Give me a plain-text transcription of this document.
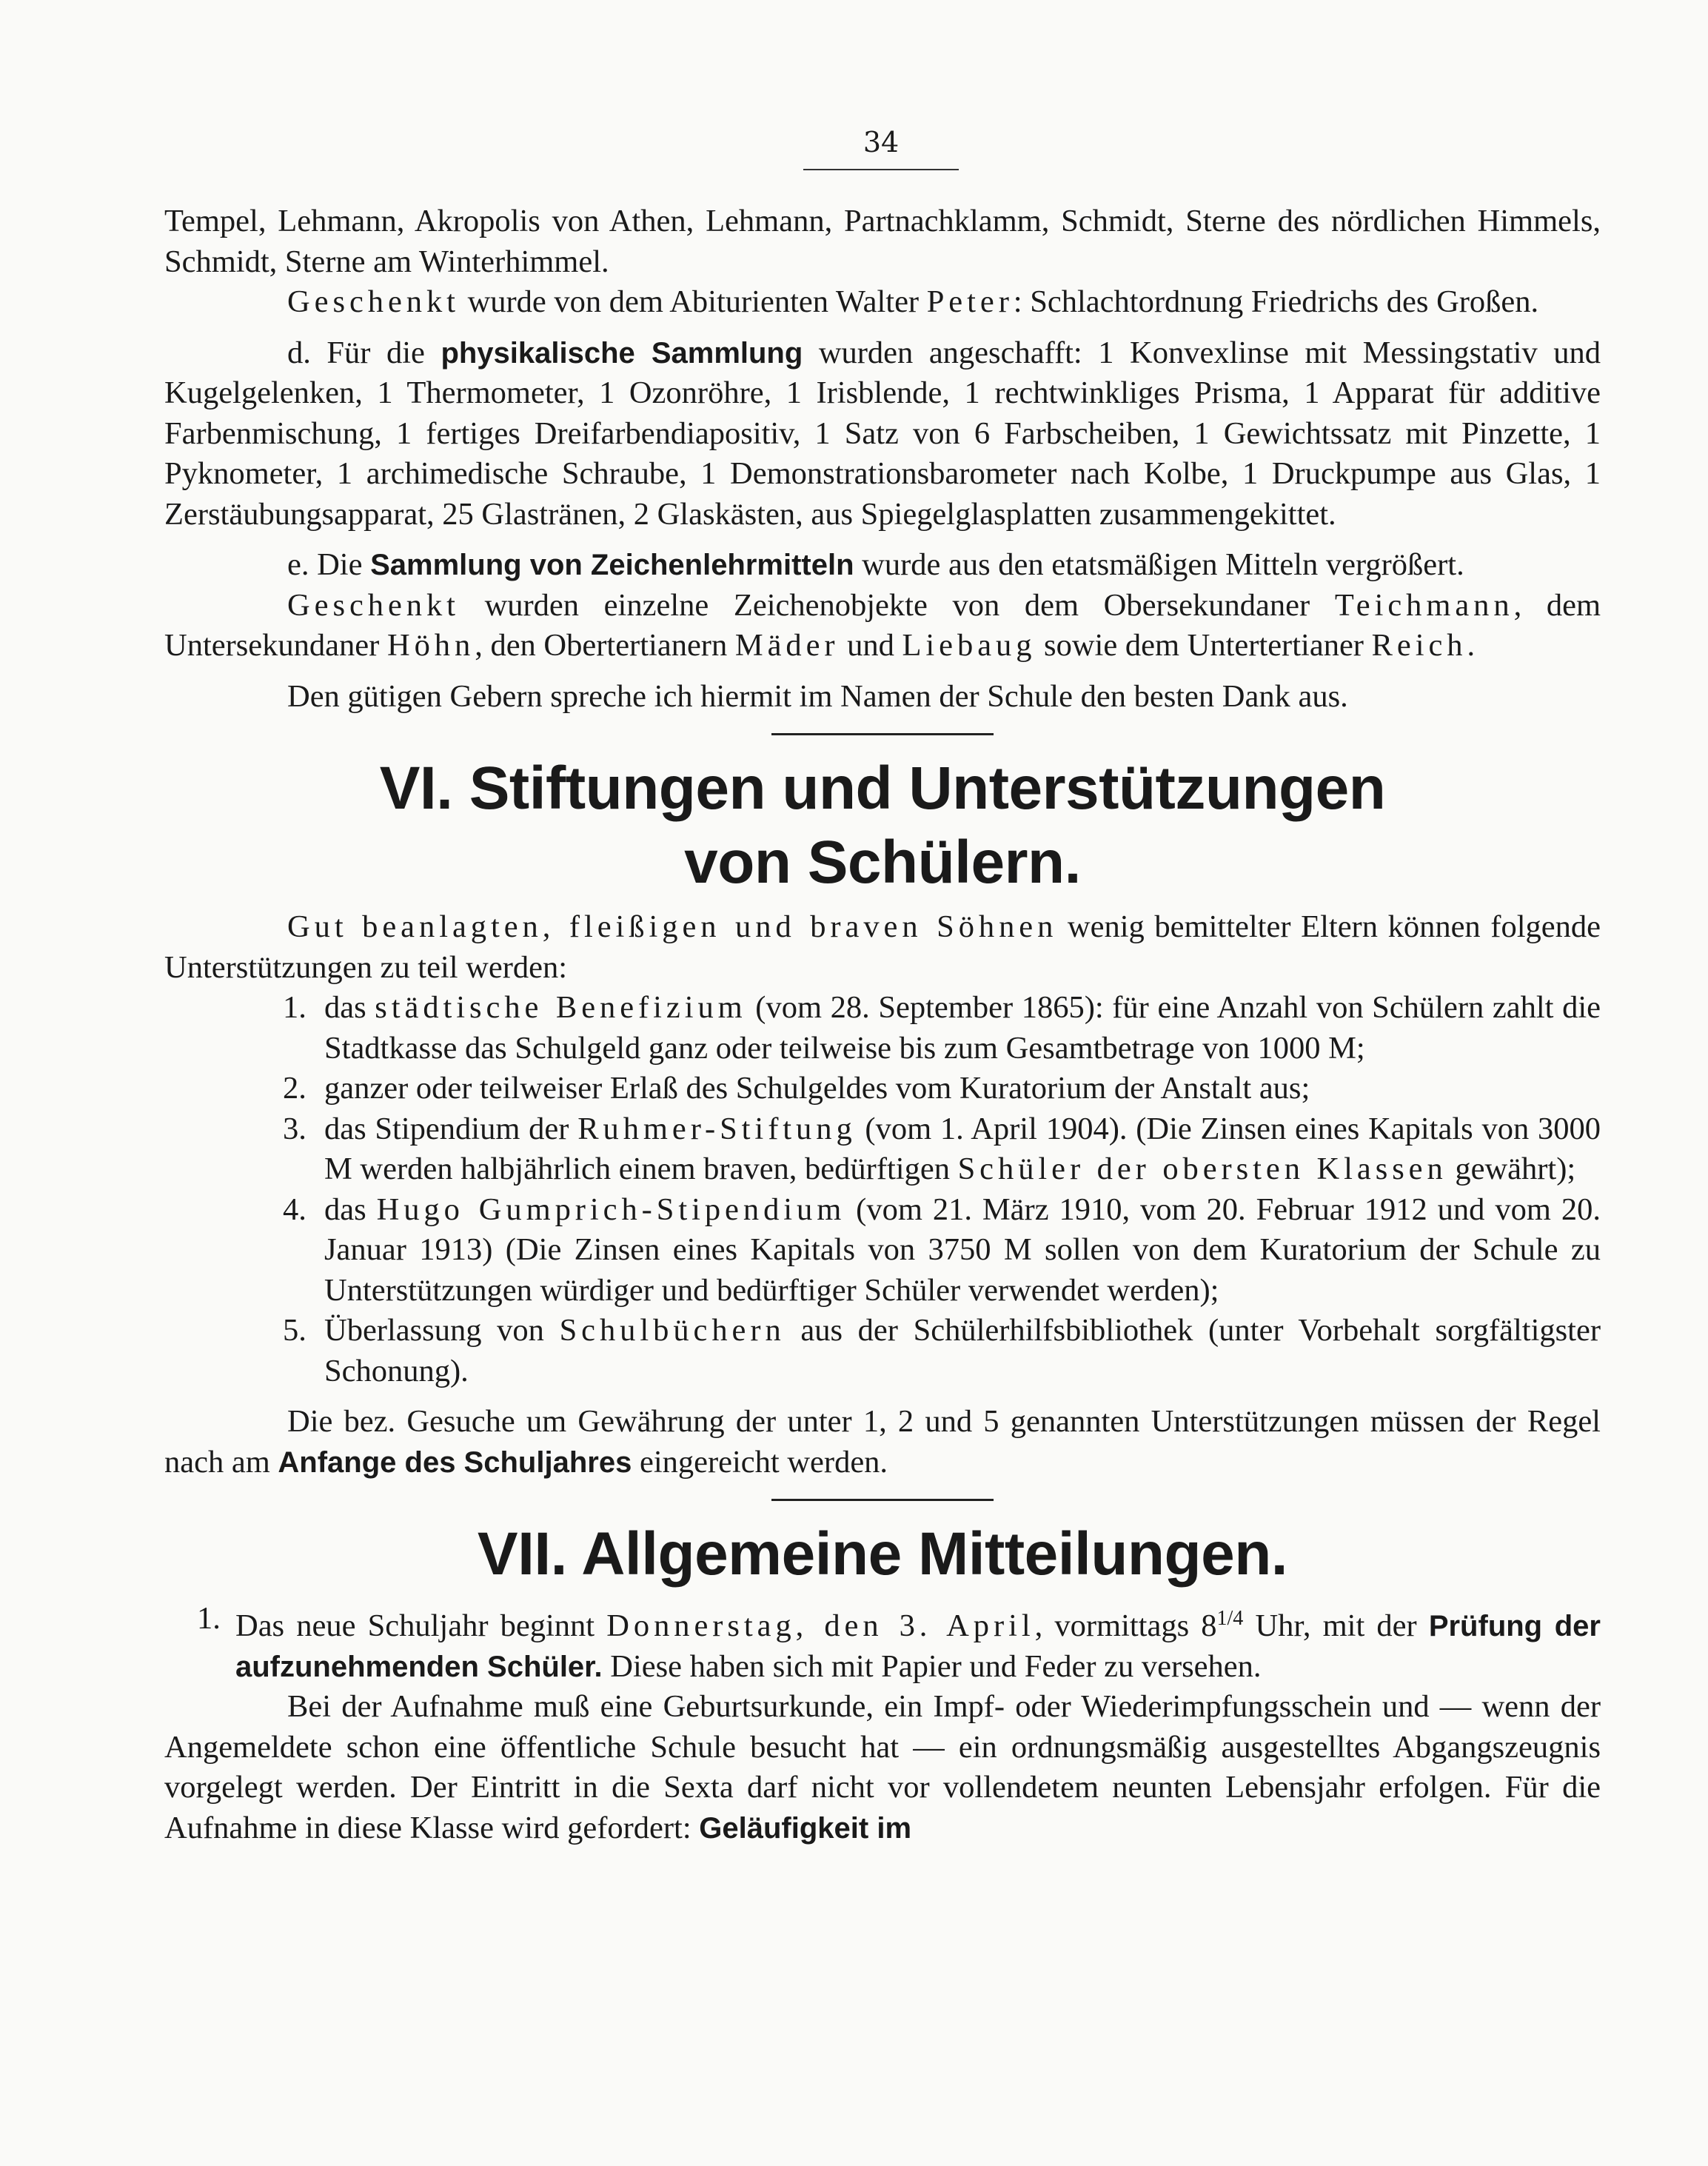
34

Tempel, Lehmann, Akropolis von Athen, Lehmann, Partnachklamm, Schmidt, Sterne des nördlichen Himmels, Schmidt, Sterne am Winterhimmel.

Geschenkt wurde von dem Abiturienten Walter Peter: Schlachtordnung Friedrichs des Großen.

d. Für die physikalische Sammlung wurden angeschafft: 1 Konvexlinse mit Messingstativ und Kugelgelenken, 1 Thermometer, 1 Ozonröhre, 1 Irisblende, 1 rechtwinkliges Prisma, 1 Apparat für additive Farbenmischung, 1 fertiges Dreifarbendiapositiv, 1 Satz von 6 Farbscheiben, 1 Gewichtssatz mit Pinzette, 1 Pyknometer, 1 archimedische Schraube, 1 Demonstrationsbarometer nach Kolbe, 1 Druckpumpe aus Glas, 1 Zerstäubungsapparat, 25 Glastränen, 2 Glaskästen, aus Spiegelglasplatten zusammengekittet.

e. Die Sammlung von Zeichenlehrmitteln wurde aus den etatsmäßigen Mitteln vergrößert.

Geschenkt wurden einzelne Zeichenobjekte von dem Obersekundaner Teichmann, dem Untersekundaner Höhn, den Obertertianern Mäder und Liebaug sowie dem Untertertianer Reich.

Den gütigen Gebern spreche ich hiermit im Namen der Schule den besten Dank aus.

VI. Stiftungen und Unterstützungen
von Schülern.

Gut beanlagten, fleißigen und braven Söhnen wenig bemittelter Eltern können folgende Unterstützungen zu teil werden:

1. das städtische Benefizium (vom 28. September 1865): für eine Anzahl von Schülern zahlt die Stadtkasse das Schulgeld ganz oder teilweise bis zum Gesamtbetrage von 1000 M;
2. ganzer oder teilweiser Erlaß des Schulgeldes vom Kuratorium der Anstalt aus;
3. das Stipendium der Ruhmer-Stiftung (vom 1. April 1904). (Die Zinsen eines Kapitals von 3000 M werden halbjährlich einem braven, bedürftigen Schüler der obersten Klassen gewährt);
4. das Hugo Gumprich-Stipendium (vom 21. März 1910, vom 20. Februar 1912 und vom 20. Januar 1913) (Die Zinsen eines Kapitals von 3750 M sollen von dem Kuratorium der Schule zu Unterstützungen würdiger und bedürftiger Schüler verwendet werden);
5. Überlassung von Schulbüchern aus der Schülerhilfsbibliothek (unter Vorbehalt sorgfältigster Schonung).

Die bez. Gesuche um Gewährung der unter 1, 2 und 5 genannten Unterstützungen müssen der Regel nach am Anfange des Schuljahres eingereicht werden.

VII. Allgemeine Mitteilungen.
1. Das neue Schuljahr beginnt Donnerstag, den 3. April, vormittags $8^{1/4}$ Uhr, mit der Prüfung der aufzunehmenden Schüler. Diese haben sich mit Papier und Feder zu versehen.

Bei der Aufnahme muß eine Geburtsurkunde, ein Impf- oder Wiederimpfungsschein und — wenn der Angemeldete schon eine öffentliche Schule besucht hat — ein ordnungsmäßig ausgestelltes Abgangszeugnis vorgelegt werden. Der Eintritt in die Sexta darf nicht vor vollendetem neunten Lebensjahr erfolgen. Für die Aufnahme in diese Klasse wird gefordert: Geläufigkeit im
